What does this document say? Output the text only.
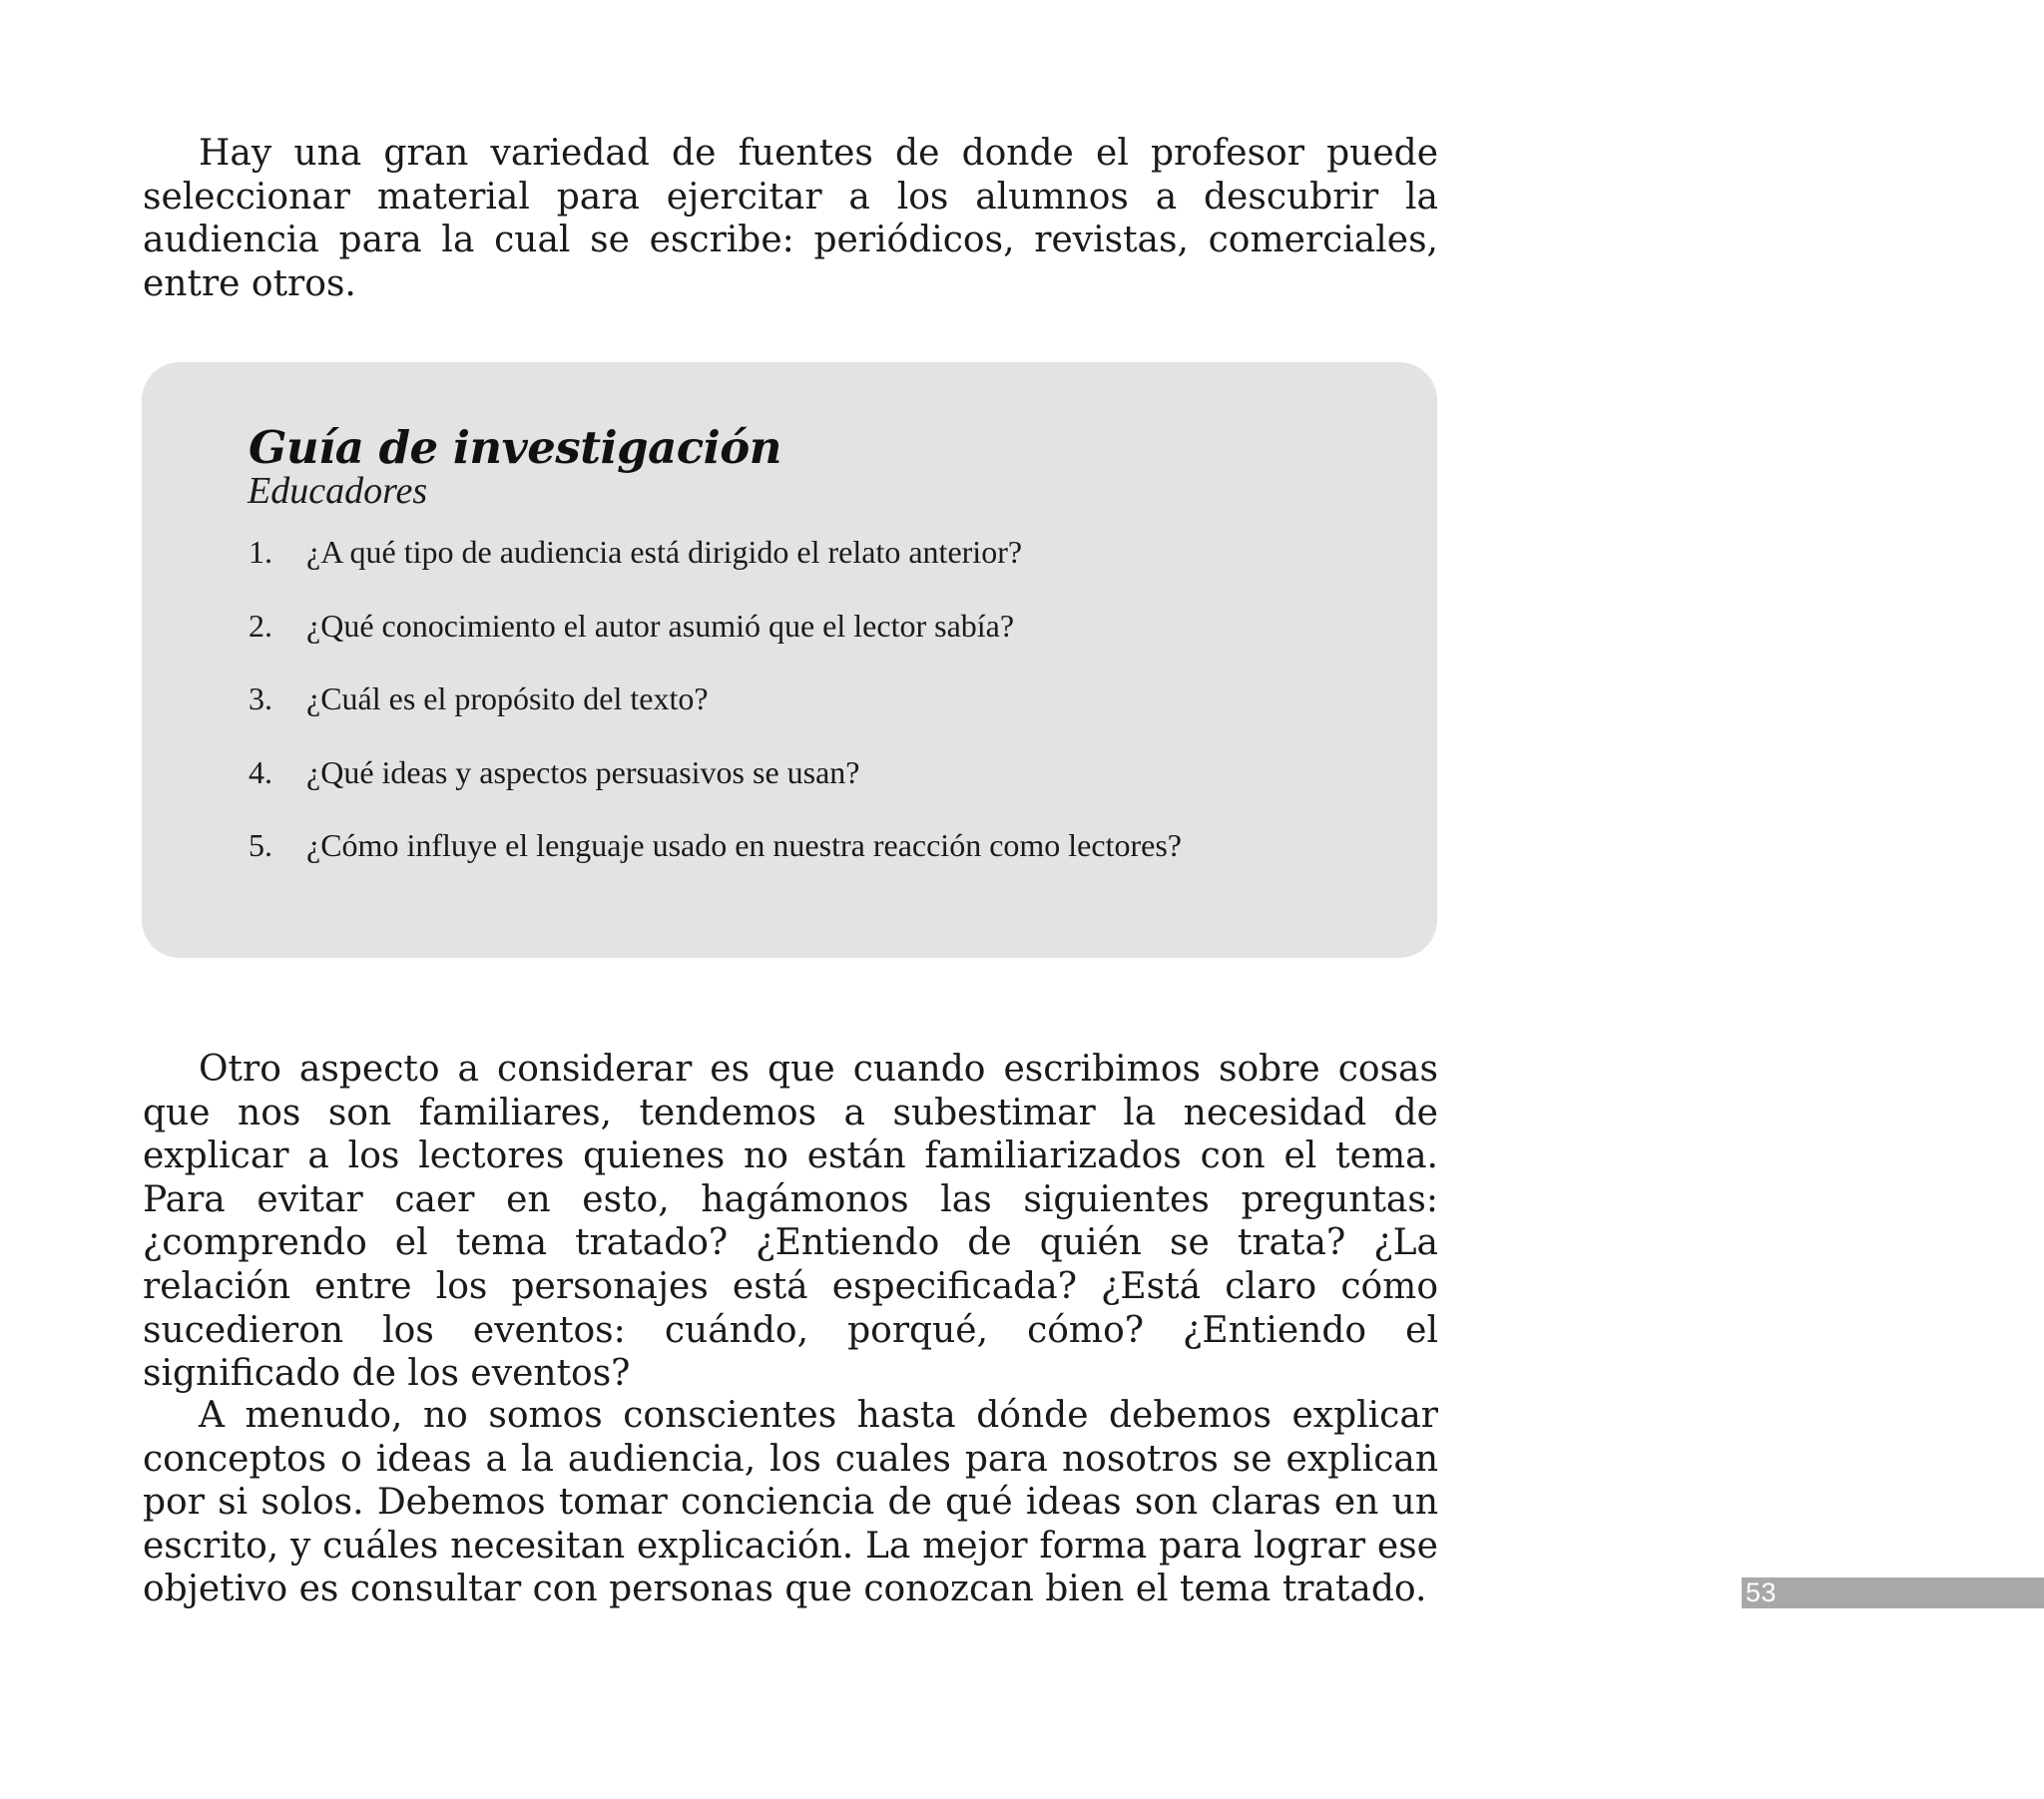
Hay una gran variedad de fuentes de donde el profesor puede seleccionar material para ejercitar a los alumnos a descubrir la audiencia para la cual se escribe: periódicos, revistas, comerciales, entre otros.

Guía de investigación

Educadores

1. ¿A qué tipo de audiencia está dirigido el relato anterior?
2. ¿Qué conocimiento el autor asumió que el lector sabía?
3. ¿Cuál es el propósito del texto?
4. ¿Qué ideas y aspectos persuasivos se usan?
5. ¿Cómo influye el lenguaje usado en nuestra reacción como lectores?

Otro aspecto a considerar es que cuando escribimos sobre cosas que nos son familiares, tendemos a subestimar la necesidad de explicar a los lectores quienes no están familiarizados con el tema. Para evitar caer en esto, hagámonos las siguientes preguntas: ¿comprendo el tema tratado? ¿Entiendo de quién se trata? ¿La relación entre los personajes está especificada? ¿Está claro cómo sucedieron los eventos: cuándo, porqué, cómo? ¿Entiendo el significado de los eventos?

A menudo, no somos conscientes hasta dónde debemos explicar conceptos o ideas a la audiencia, los cuales para nosotros se explican por si solos. Debemos tomar conciencia de qué ideas son claras en un escrito, y cuáles necesitan explicación. La mejor forma para lograr ese objetivo es consultar con personas que conozcan bien el tema tratado.	53
